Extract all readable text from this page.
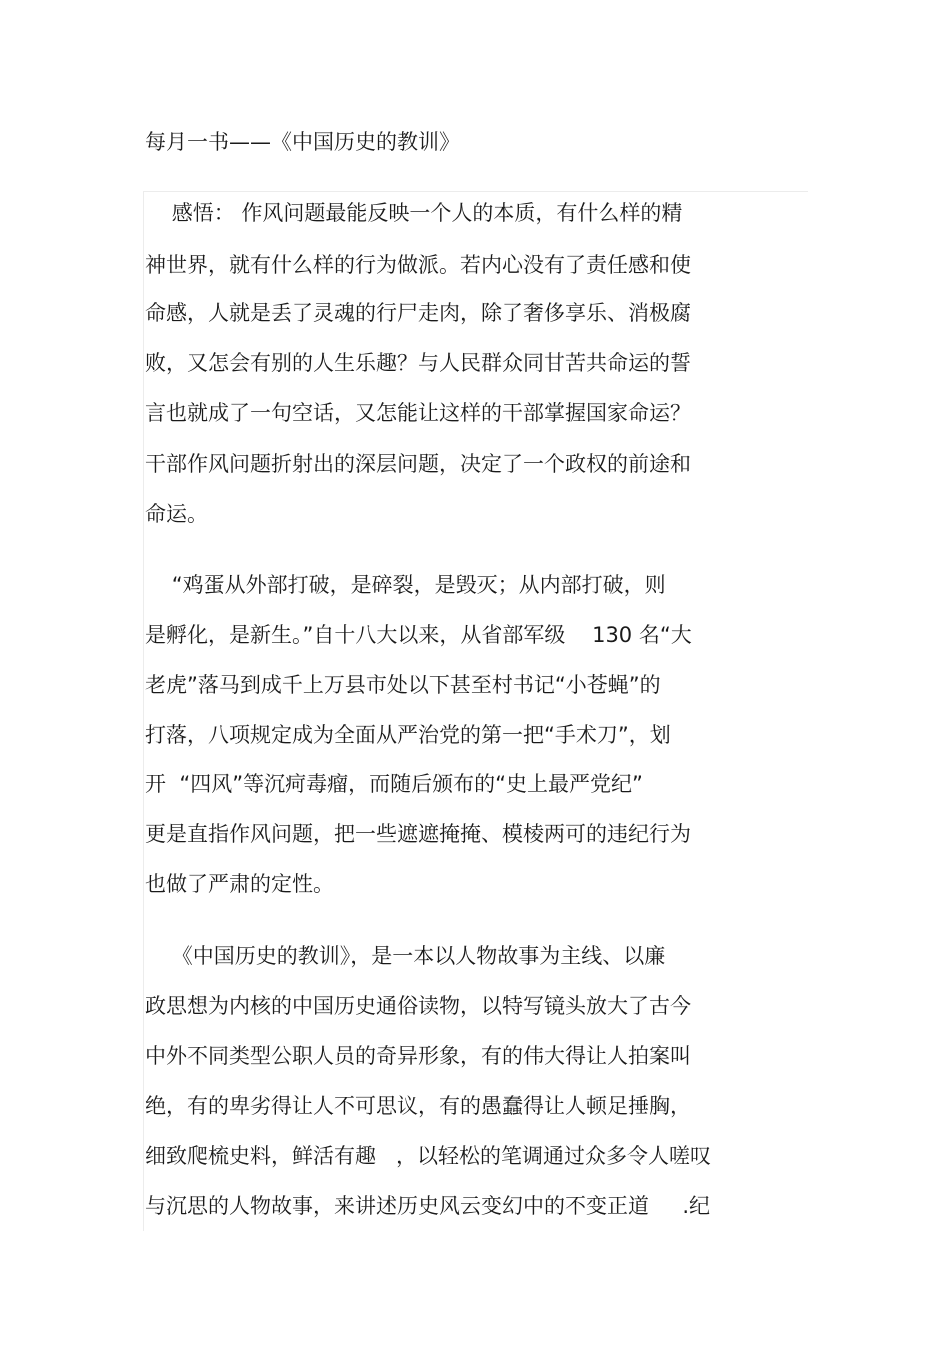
每月一书——《中国历史的教训》
感悟： 作风问题最能反映一个人的本质，有什么样的精
神世界，就有什么样的行为做派。若内心没有了责任感和使
命感，人就是丢了灵魂的行尸走肉，除了奢侈享乐、消极腐
败，又怎会有别的人生乐趣？与人民群众同甘苦共命运的誓
言也就成了一句空话，又怎能让这样的干部掌握国家命运？
干部作风问题折射出的深层问题，决定了一个政权的前途和
命运。
“鸡蛋从外部打破，是碎裂，是毁灭；从内部打破，则
是孵化，是新生。”自十八大以来，从省部军级    130 名“大
老虎”落马到成千上万县市处以下甚至村书记“小苍蝇”的
打落，八项规定成为全面从严治党的第一把“手术刀”，划
开  “四风”等沉疴毒瘤，而随后颁布的“史上最严党纪”
更是直指作风问题，把一些遮遮掩掩、模棱两可的违纪行为
也做了严肃的定性。
《中国历史的教训》，是一本以人物故事为主线、以廉
政思想为内核的中国历史通俗读物，以特写镜头放大了古今
中外不同类型公职人员的奇异形象，有的伟大得让人拍案叫
绝，有的卑劣得让人不可思议，有的愚蠢得让人顿足捶胸，
细致爬梳史料，鲜活有趣   ，以轻松的笔调通过众多令人嗟叹
与沉思的人物故事，来讲述历史风云变幻中的不变正道     .纪
